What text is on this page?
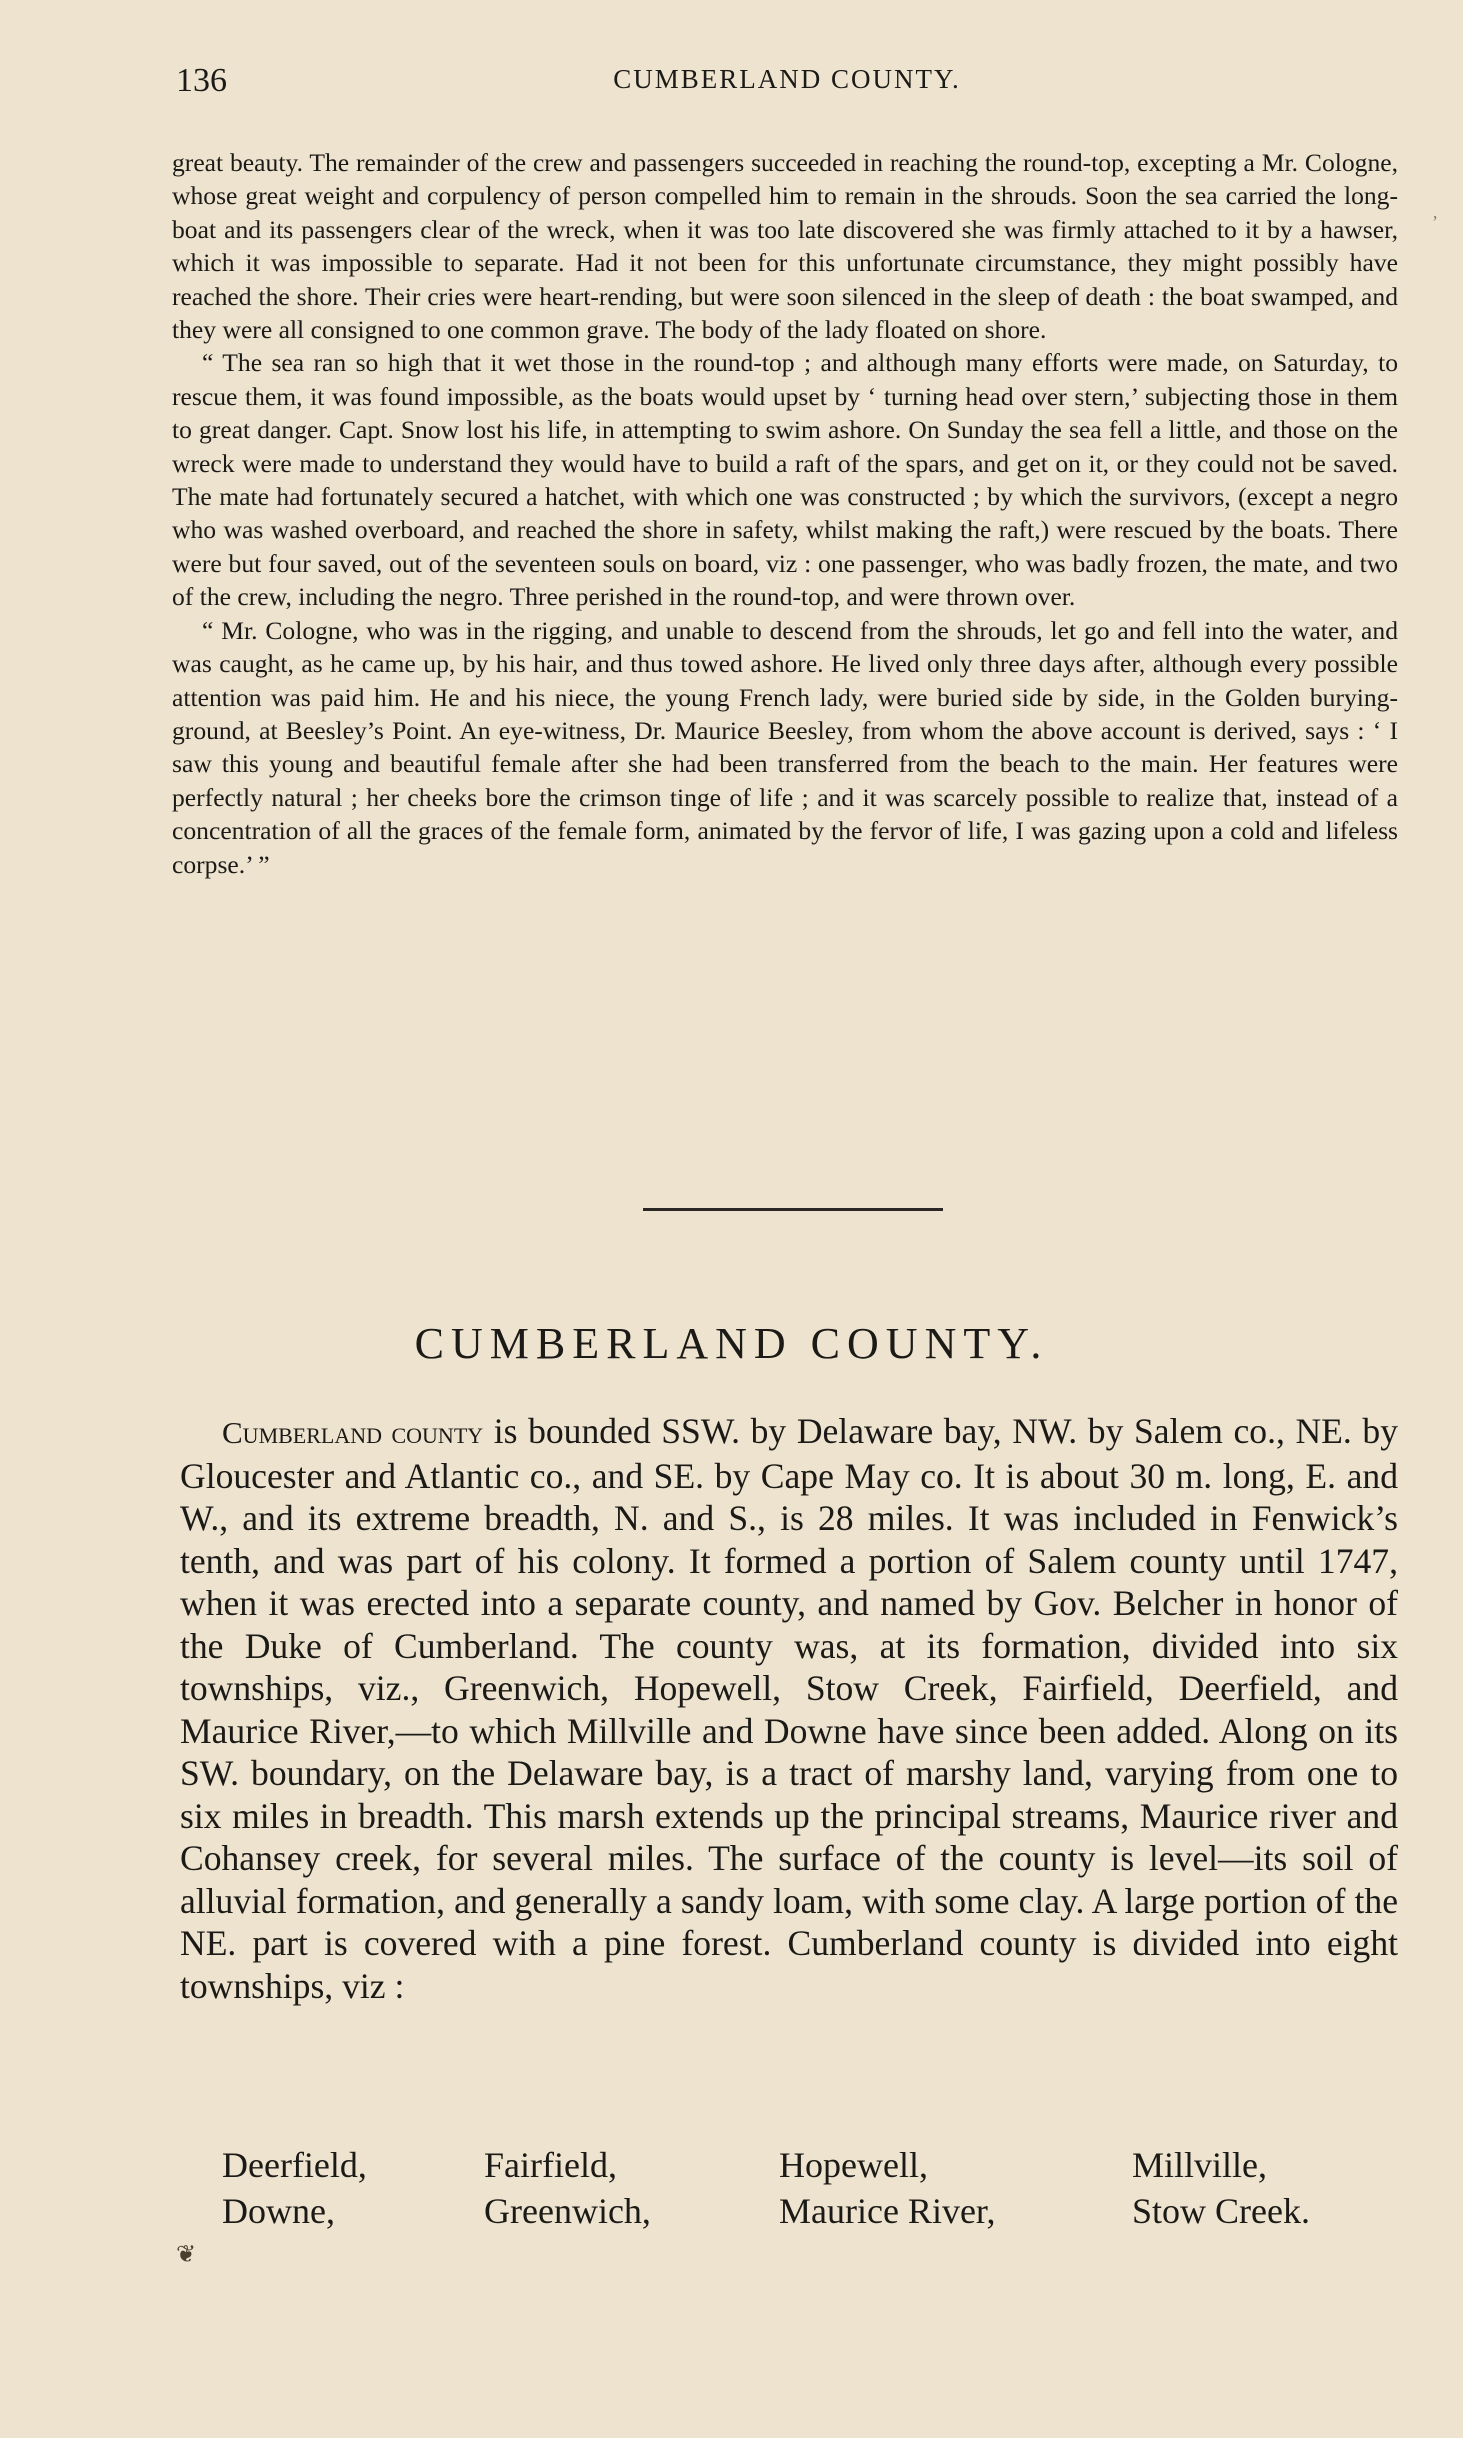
136	CUMBERLAND COUNTY.
ʼ

great beauty. The remainder of the crew and passengers succeeded in reaching the round-top, excepting a Mr. Cologne, whose great weight and corpulency of person compelled him to remain in the shrouds. Soon the sea carried the long-boat and its passengers clear of the wreck, when it was too late discovered she was firmly attached to it by a hawser, which it was impossible to separate. Had it not been for this unfortunate circumstance, they might possibly have reached the shore. Their cries were heart-rending, but were soon silenced in the sleep of death : the boat swamped, and they were all consigned to one common grave. The body of the lady floated on shore.

“ The sea ran so high that it wet those in the round-top ; and although many efforts were made, on Saturday, to rescue them, it was found impossible, as the boats would upset by ‘ turning head over stern,’ subjecting those in them to great danger. Capt. Snow lost his life, in attempting to swim ashore. On Sunday the sea fell a little, and those on the wreck were made to understand they would have to build a raft of the spars, and get on it, or they could not be saved. The mate had fortunately secured a hatchet, with which one was constructed ; by which the survivors, (except a negro who was washed overboard, and reached the shore in safety, whilst making the raft,) were rescued by the boats. There were but four saved, out of the seventeen souls on board, viz : one passenger, who was badly frozen, the mate, and two of the crew, including the negro. Three perished in the round-top, and were thrown over.

“ Mr. Cologne, who was in the rigging, and unable to descend from the shrouds, let go and fell into the water, and was caught, as he came up, by his hair, and thus towed ashore. He lived only three days after, although every possible attention was paid him. He and his niece, the young French lady, were buried side by side, in the Golden burying-ground, at Beesley’s Point. An eye-witness, Dr. Maurice Beesley, from whom the above account is derived, says : ‘ I saw this young and beautiful female after she had been transferred from the beach to the main. Her features were perfectly natural ; her cheeks bore the crimson tinge of life ; and it was scarcely possible to realize that, instead of a concentration of all the graces of the female form, animated by the fervor of life, I was gazing upon a cold and lifeless corpse.’ ”

CUMBERLAND COUNTY.

Cumberland county is bounded SSW. by Delaware bay, NW. by Salem co., NE. by Gloucester and Atlantic co., and SE. by Cape May co. It is about 30 m. long, E. and W., and its extreme breadth, N. and S., is 28 miles. It was included in Fenwick’s tenth, and was part of his colony. It formed a portion of Salem county until 1747, when it was erected into a separate county, and named by Gov. Belcher in honor of the Duke of Cumberland. The county was, at its formation, divided into six townships, viz., Greenwich, Hopewell, Stow Creek, Fairfield, Deerfield, and Maurice River,—to which Millville and Downe have since been added. Along on its SW. boundary, on the Delaware bay, is a tract of marshy land, varying from one to six miles in breadth. This marsh extends up the principal streams, Maurice river and Cohansey creek, for several miles. The surface of the county is level—its soil of alluvial formation, and generally a sandy loam, with some clay. A large portion of the NE. part is covered with a pine forest. Cumberland county is divided into eight townships, viz :

Deerfield,	Fairfield,	Hopewell,	Millville,
Downe,	Greenwich,	Maurice River,	Stow Creek.
❦
